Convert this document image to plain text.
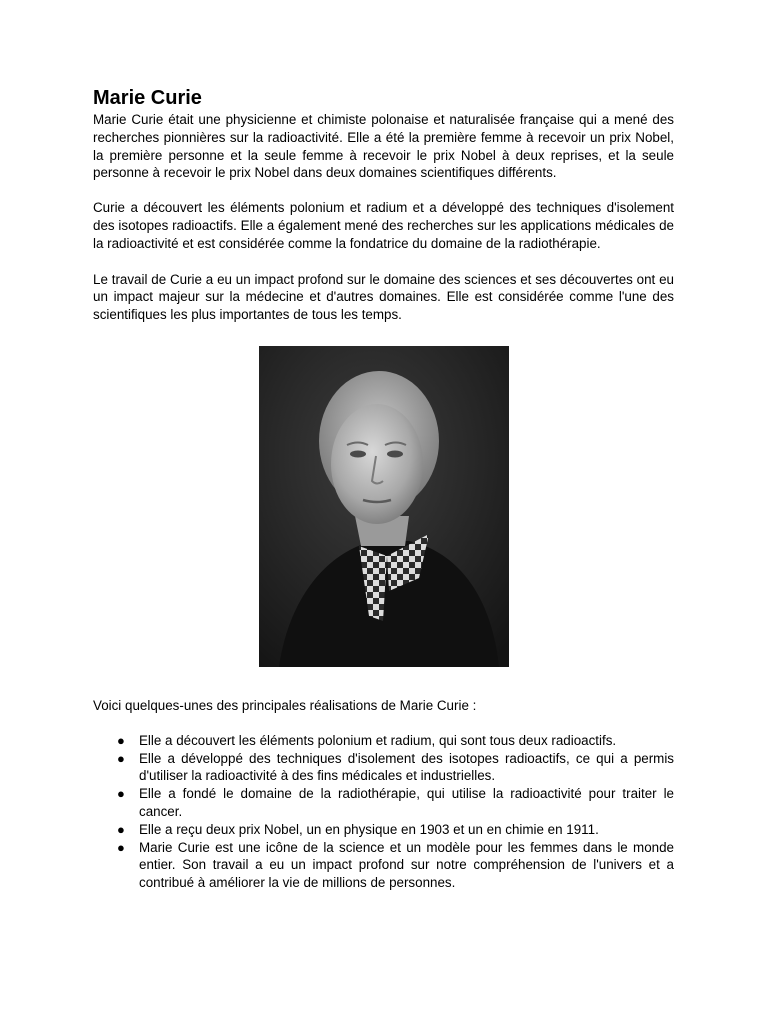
Marie Curie

Marie Curie était une physicienne et chimiste polonaise et naturalisée française qui a mené des recherches pionnières sur la radioactivité. Elle a été la première femme à recevoir un prix Nobel, la première personne et la seule femme à recevoir le prix Nobel à deux reprises, et la seule personne à recevoir le prix Nobel dans deux domaines scientifiques différents.

Curie a découvert les éléments polonium et radium et a développé des techniques d'isolement des isotopes radioactifs. Elle a également mené des recherches sur les applications médicales de la radioactivité et est considérée comme la fondatrice du domaine de la radiothérapie.

Le travail de Curie a eu un impact profond sur le domaine des sciences et ses découvertes ont eu un impact majeur sur la médecine et d'autres domaines. Elle est considérée comme l'une des scientifiques les plus importantes de tous les temps.

Voici quelques-unes des principales réalisations de Marie Curie :

● Elle a découvert les éléments polonium et radium, qui sont tous deux radioactifs.
● Elle a développé des techniques d'isolement des isotopes radioactifs, ce qui a permis d'utiliser la radioactivité à des fins médicales et industrielles.
● Elle a fondé le domaine de la radiothérapie, qui utilise la radioactivité pour traiter le cancer.
● Elle a reçu deux prix Nobel, un en physique en 1903 et un en chimie en 1911.
● Marie Curie est une icône de la science et un modèle pour les femmes dans le monde entier. Son travail a eu un impact profond sur notre compréhension de l'univers et a contribué à améliorer la vie de millions de personnes.
